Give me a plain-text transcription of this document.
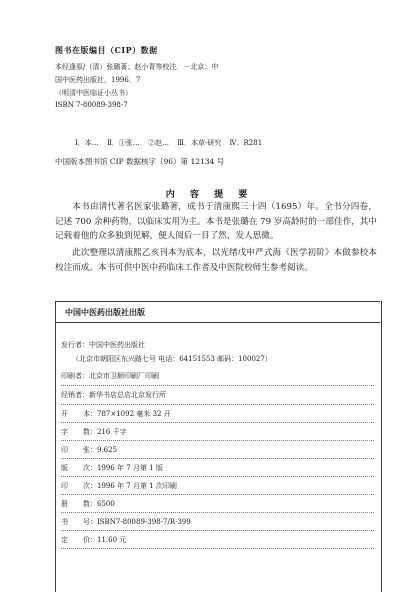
图书在版编目（CIP）数据
本经逢原/（清）张璐著；赵小青等校注．－北京：中
国中医药出版社，1996．7
（明清中医临证小丛书）
ISBN 7-80089-398-7
Ⅰ．本… Ⅱ．①张… ②赵… Ⅲ．本草-研究 Ⅳ．R281
中国版本图书馆 CIP 数据核字（96）第 12134 号
内 容 提 要
本书由清代著名医家张璐著，成书于清康熙三十四（1695）年。全书分四卷，记述 700 余种药物，以临床实用为主。本书是张璐在 79 岁高龄时的一部佳作，其中记载着他的众多独到见解，便人阅后一目了然，发人思微。
此次整理以清康熙乙亥刊本为底本，以光绪戊申严式海《医学初阶》本做参校本校注而成。本书可供中医中药临床工作者及中医院校师生参考阅读。
中国中医药出版社出版
发行者：中国中医药出版社
（北京市朝阳区东兴路七号 电话：64151553 邮码：100027）
印刷者：北京市卫顺印刷厂印刷
经销者：新华书店总店北京发行所
开 本：787×1092 毫米 32 开
字 数：216 千字
印 张：9.625
版 次：1996 年 7 月第 1 版
印 次：1996 年 7 月第 1 次印刷
册 数：6500
书 号：ISBN7-80089-398-7/R·399
定 价：11.60 元
